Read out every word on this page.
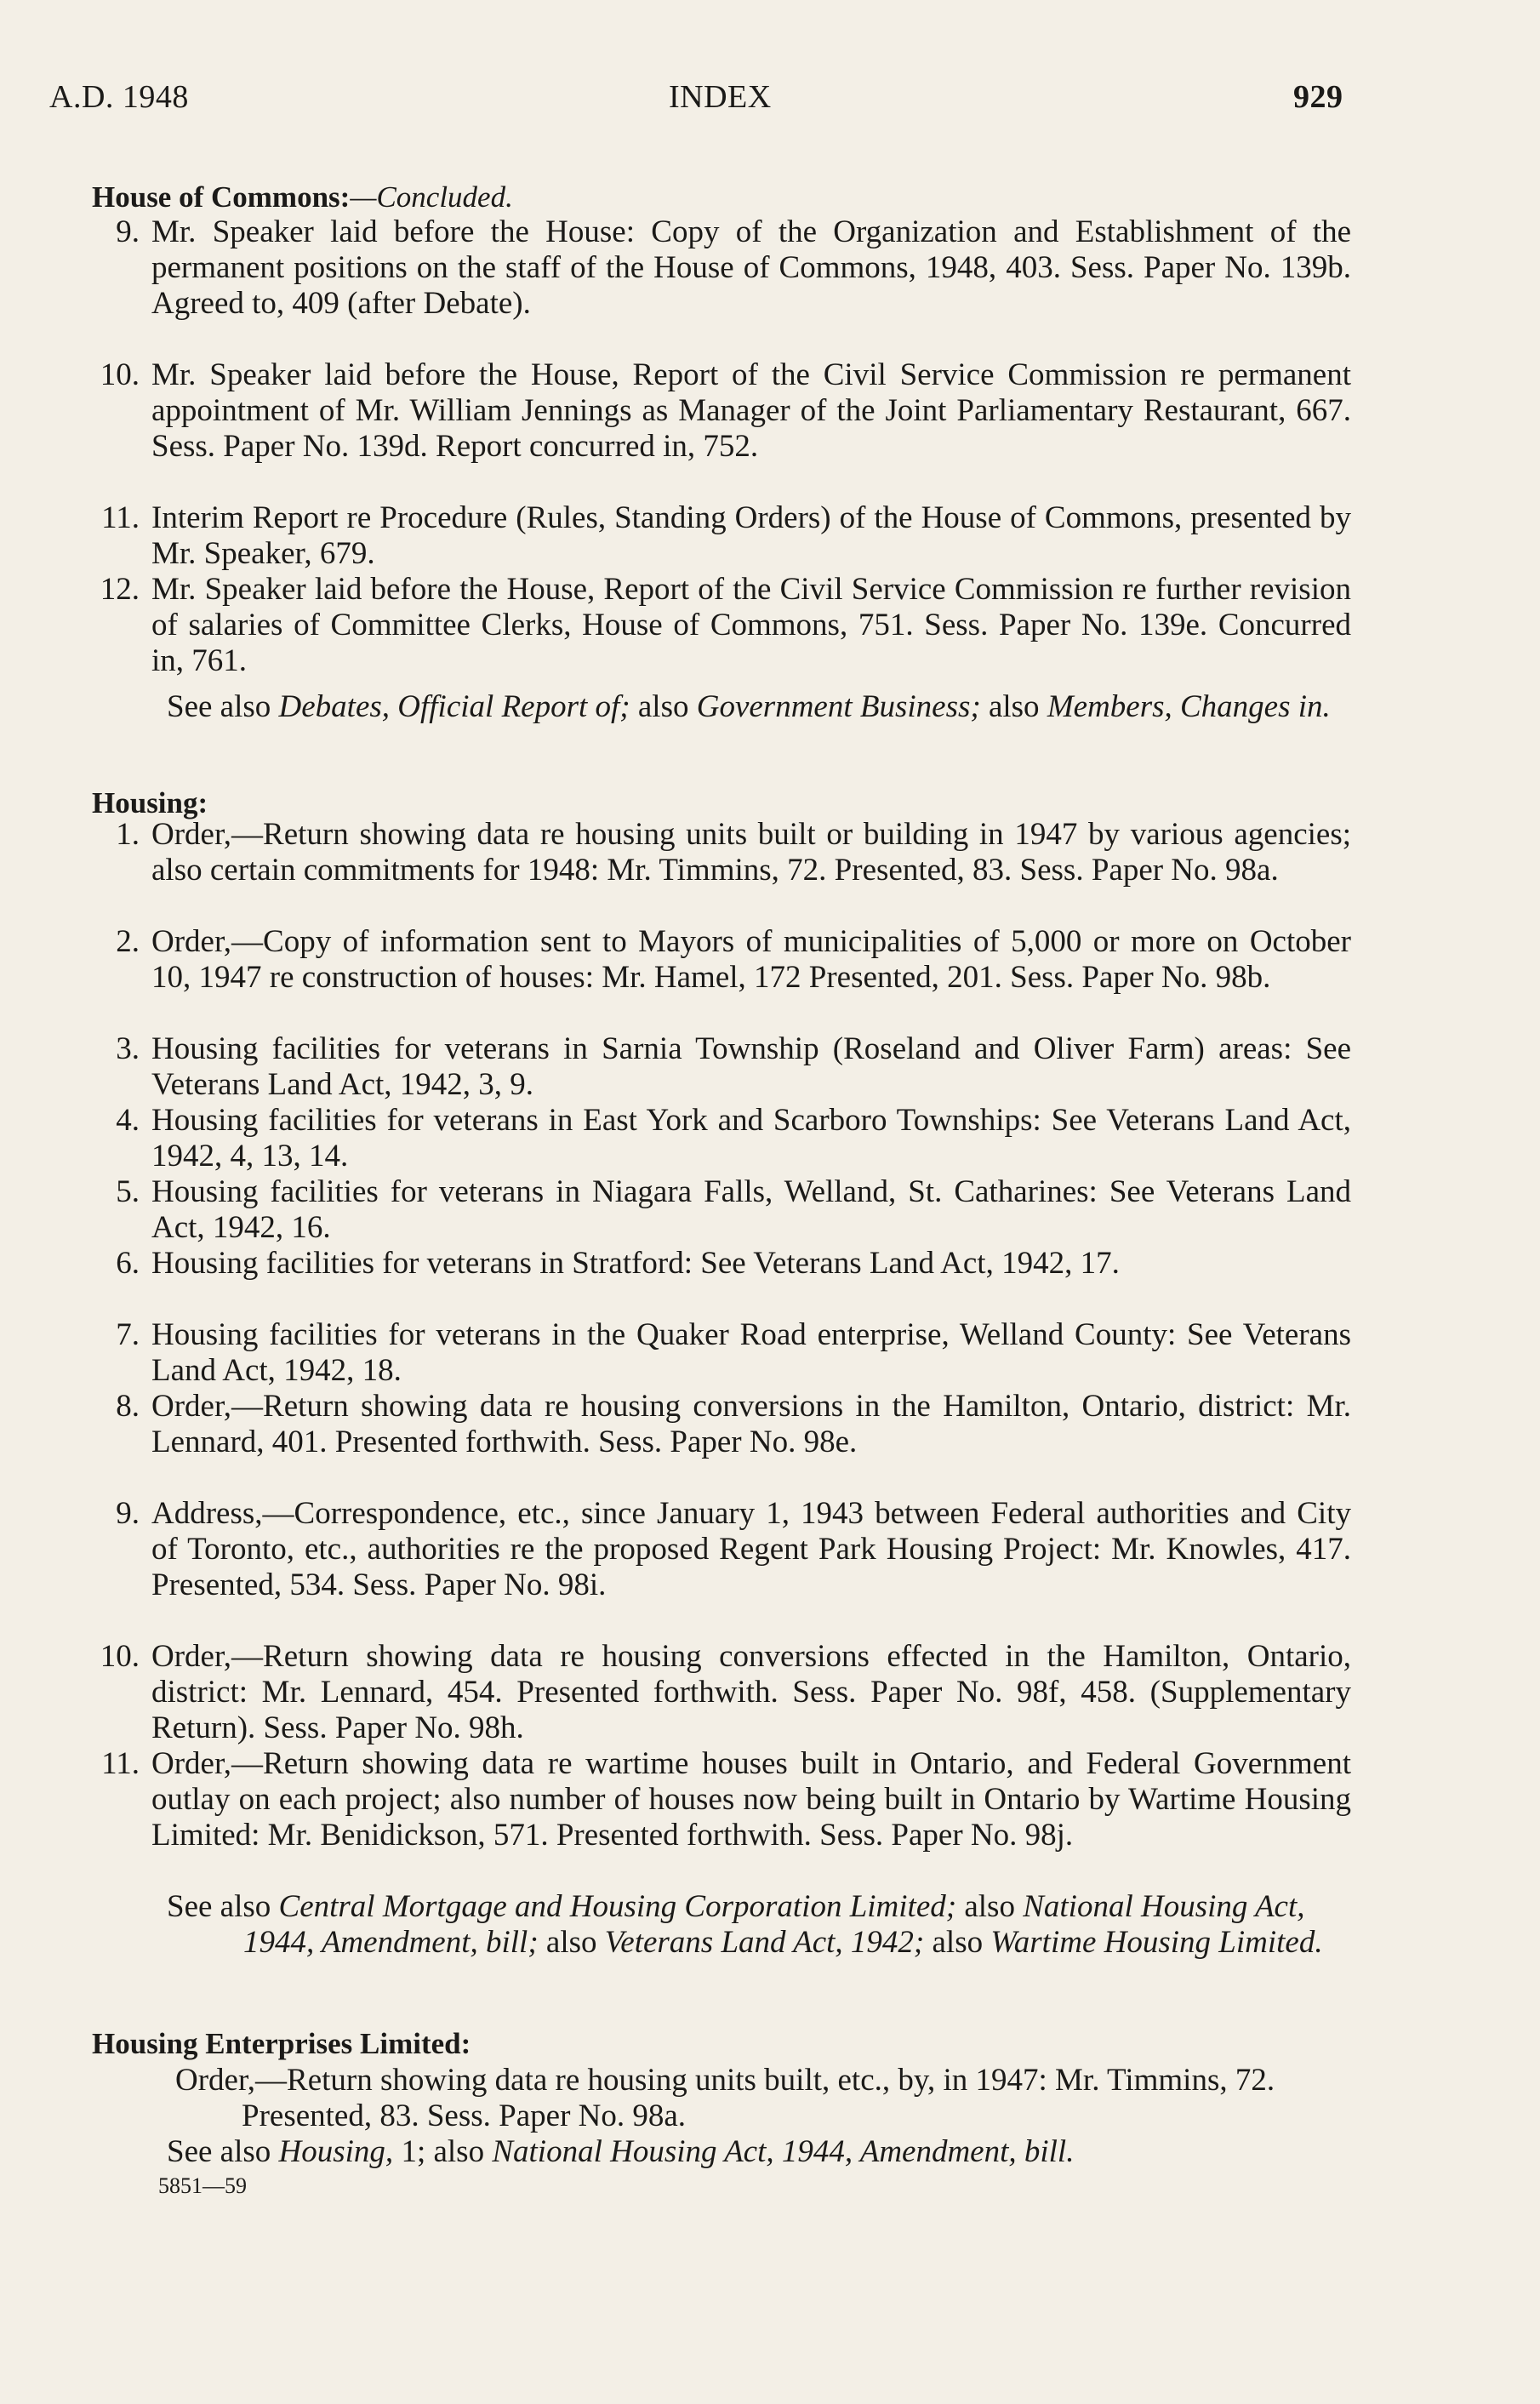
A.D. 1948	INDEX	929
House of Commons:—Concluded.
9. Mr. Speaker laid before the House: Copy of the Organization and Establishment of the permanent positions on the staff of the House of Commons, 1948, 403. Sess. Paper No. 139b. Agreed to, 409 (after Debate).
10. Mr. Speaker laid before the House, Report of the Civil Service Commission re permanent appointment of Mr. William Jennings as Manager of the Joint Parliamentary Restaurant, 667. Sess. Paper No. 139d. Report concurred in, 752.
11. Interim Report re Procedure (Rules, Standing Orders) of the House of Commons, presented by Mr. Speaker, 679.
12. Mr. Speaker laid before the House, Report of the Civil Service Commission re further revision of salaries of Committee Clerks, House of Commons, 751. Sess. Paper No. 139e. Concurred in, 761.
See also Debates, Official Report of; also Government Business; also Members, Changes in.
Housing:
1. Order,—Return showing data re housing units built or building in 1947 by various agencies; also certain commitments for 1948: Mr. Timmins, 72. Presented, 83. Sess. Paper No. 98a.
2. Order,—Copy of information sent to Mayors of municipalities of 5,000 or more on October 10, 1947 re construction of houses: Mr. Hamel, 172 Presented, 201. Sess. Paper No. 98b.
3. Housing facilities for veterans in Sarnia Township (Roseland and Oliver Farm) areas: See Veterans Land Act, 1942, 3, 9.
4. Housing facilities for veterans in East York and Scarboro Townships: See Veterans Land Act, 1942, 4, 13, 14.
5. Housing facilities for veterans in Niagara Falls, Welland, St. Catharines: See Veterans Land Act, 1942, 16.
6. Housing facilities for veterans in Stratford: See Veterans Land Act, 1942, 17.
7. Housing facilities for veterans in the Quaker Road enterprise, Welland County: See Veterans Land Act, 1942, 18.
8. Order,—Return showing data re housing conversions in the Hamilton, Ontario, district: Mr. Lennard, 401. Presented forthwith. Sess. Paper No. 98e.
9. Address,—Correspondence, etc., since January 1, 1943 between Federal authorities and City of Toronto, etc., authorities re the proposed Regent Park Housing Project: Mr. Knowles, 417. Presented, 534. Sess. Paper No. 98i.
10. Order,—Return showing data re housing conversions effected in the Hamilton, Ontario, district: Mr. Lennard, 454. Presented forthwith. Sess. Paper No. 98f, 458. (Supplementary Return). Sess. Paper No. 98h.
11. Order,—Return showing data re wartime houses built in Ontario, and Federal Government outlay on each project; also number of houses now being built in Ontario by Wartime Housing Limited: Mr. Benidickson, 571. Presented forthwith. Sess. Paper No. 98j.
See also Central Mortgage and Housing Corporation Limited; also National Housing Act, 1944, Amendment, bill; also Veterans Land Act, 1942; also Wartime Housing Limited.
Housing Enterprises Limited:
Order,—Return showing data re housing units built, etc., by, in 1947: Mr. Timmins, 72. Presented, 83. Sess. Paper No. 98a.
See also Housing, 1; also National Housing Act, 1944, Amendment, bill.
5851—59
